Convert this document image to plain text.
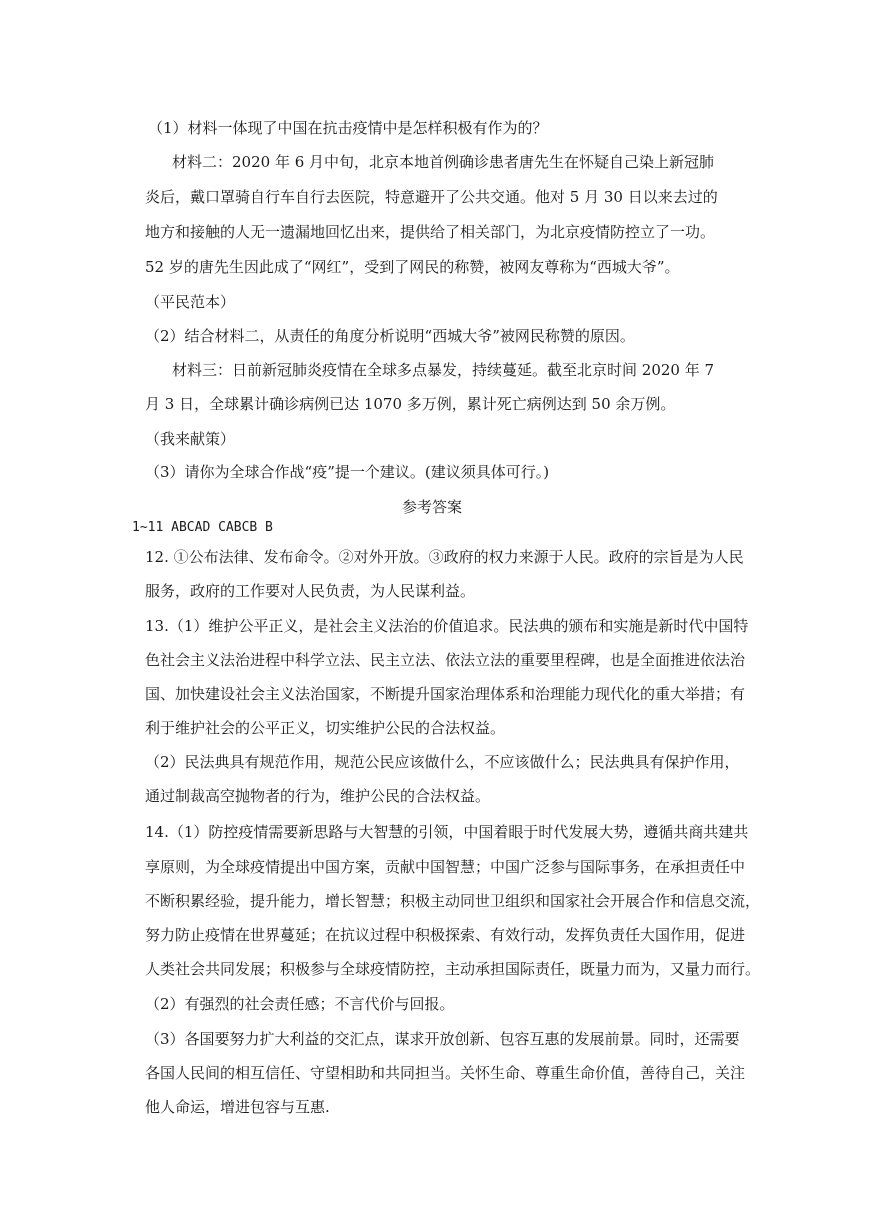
（1）材料一体现了中国在抗击疫情中是怎样积极有作为的？
材料二：2020 年 6 月中旬，北京本地首例确诊患者唐先生在怀疑自己染上新冠肺
炎后，戴口罩骑自行车自行去医院，特意避开了公共交通。他对 5 月 30 日以来去过的
地方和接触的人无一遗漏地回忆出来，提供给了相关部门，为北京疫情防控立了一功。
52 岁的唐先生因此成了“网红”，受到了网民的称赞，被网友尊称为“西城大爷”。
（平民范本）
（2）结合材料二，从责任的角度分析说明“西城大爷”被网民称赞的原因。
材料三：日前新冠肺炎疫情在全球多点暴发，持续蔓延。截至北京时间 2020 年 7
月 3 日，全球累计确诊病例已达 1070 多万例，累计死亡病例达到 50 余万例。
（我来献策）
（3）请你为全球合作战“疫”提一个建议。(建议须具体可行。)
参考答案
1~11 ABCAD CABCB B
12. ①公布法律、发布命令。②对外开放。③政府的权力来源于人民。政府的宗旨是为人民
服务，政府的工作要对人民负责，为人民谋利益。
13.（1）维护公平正义，是社会主义法治的价值追求。民法典的颁布和实施是新时代中国特
色社会主义法治进程中科学立法、民主立法、依法立法的重要里程碑，也是全面推进依法治
国、加快建设社会主义法治国家，不断提升国家治理体系和治理能力现代化的重大举措；有
利于维护社会的公平正义，切实维护公民的合法权益。
（2）民法典具有规范作用，规范公民应该做什么，不应该做什么；民法典具有保护作用，
通过制裁高空抛物者的行为，维护公民的合法权益。
14.（1）防控疫情需要新思路与大智慧的引领，中国着眼于时代发展大势，遵循共商共建共
享原则，为全球疫情提出中国方案，贡献中国智慧；中国广泛参与国际事务，在承担责任中
不断积累经验，提升能力，增长智慧；积极主动同世卫组织和国家社会开展合作和信息交流，
努力防止疫情在世界蔓延；在抗议过程中积极探索、有效行动，发挥负责任大国作用，促进
人类社会共同发展；积极参与全球疫情防控，主动承担国际责任，既量力而为，又量力而行。
（2）有强烈的社会责任感；不言代价与回报。
（3）各国要努力扩大利益的交汇点，谋求开放创新、包容互惠的发展前景。同时，还需要
各国人民间的相互信任、守望相助和共同担当。关怀生命、尊重生命价值，善待自己，关注
他人命运，增进包容与互惠.
